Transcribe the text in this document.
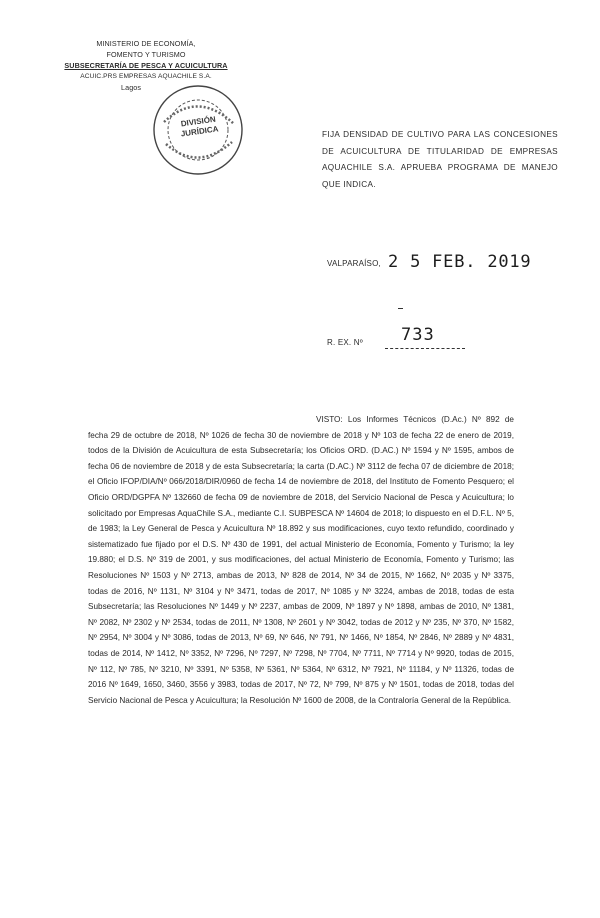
MINISTERIO DE ECONOMÍA,
FOMENTO Y TURISMO
SUBSECRETARÍA DE PESCA Y ACUICULTURA
ACUIC.PRS EMPRESAS AQUACHILE S.A.
Lagos
DIVISIÓN
JURÍDICA	FIJA DENSIDAD DE CULTIVO PARA LAS CONCESIONES DE ACUICULTURA DE TITULARIDAD DE EMPRESAS AQUACHILE S.A. APRUEBA PROGRAMA DE MANEJO QUE INDICA.
VALPARAÍSO, 2 5 FEB. 2019
R. EX. Nº 733
VISTO: Los Informes Técnicos (D.Ac.) Nº 892 de fecha 29 de octubre de 2018, Nº 1026 de fecha 30 de noviembre de 2018 y Nº 103 de fecha 22 de enero de 2019, todos de la División de Acuicultura de esta Subsecretaría; los Oficios ORD. (D.AC.) Nº 1594 y Nº 1595, ambos de fecha 06 de noviembre de 2018 y de esta Subsecretaría; la carta (D.AC.) Nº 3112 de fecha 07 de diciembre de 2018; el Oficio IFOP/DIA/Nº 066/2018/DIR/0960 de fecha 14 de noviembre de 2018, del Instituto de Fomento Pesquero; el Oficio ORD/DGPFA Nº 132660 de fecha 09 de noviembre de 2018, del Servicio Nacional de Pesca y Acuicultura; lo solicitado por Empresas AquaChile S.A., mediante C.I. SUBPESCA Nº 14604 de 2018; lo dispuesto en el D.F.L. Nº 5, de 1983; la Ley General de Pesca y Acuicultura Nº 18.892 y sus modificaciones, cuyo texto refundido, coordinado y sistematizado fue fijado por el D.S. Nº 430 de 1991, del actual Ministerio de Economía, Fomento y Turismo; la ley 19.880; el D.S. Nº 319 de 2001, y sus modificaciones, del actual Ministerio de Economía, Fomento y Turismo; las Resoluciones Nº 1503 y Nº 2713, ambas de 2013, Nº 828 de 2014, Nº 34 de 2015, Nº 1662, Nº 2035 y Nº 3375, todas de 2016, Nº 1131, Nº 3104 y Nº 3471, todas de 2017, Nº 1085 y Nº 3224, ambas de 2018, todas de esta Subsecretaría; las Resoluciones Nº 1449 y Nº 2237, ambas de 2009, Nº 1897 y Nº 1898, ambas de 2010, Nº 1381, Nº 2082, Nº 2302 y Nº 2534, todas de 2011, Nº 1308, Nº 2601 y Nº 3042, todas de 2012 y Nº 235, Nº 370, Nº 1582, Nº 2954, Nº 3004 y Nº 3086, todas de 2013, Nº 69, Nº 646, Nº 791, Nº 1466, Nº 1854, Nº 2846, Nº 2889 y Nº 4831, todas de 2014, Nº 1412, Nº 3352, Nº 7296, Nº 7297, Nº 7298, Nº 7704, Nº 7711, Nº 7714 y Nº 9920, todas de 2015, Nº 112, Nº 785, Nº 3210, Nº 3391, Nº 5358, Nº 5361, Nº 5364, Nº 6312, Nº 7921, Nº 11184, y Nº 11326, todas de 2016 Nº 1649, 1650, 3460, 3556 y 3983, todas de 2017, Nº 72, Nº 799, Nº 875 y Nº 1501, todas de 2018, todas del Servicio Nacional de Pesca y Acuicultura; la Resolución Nº 1600 de 2008, de la Contraloría General de la República.
